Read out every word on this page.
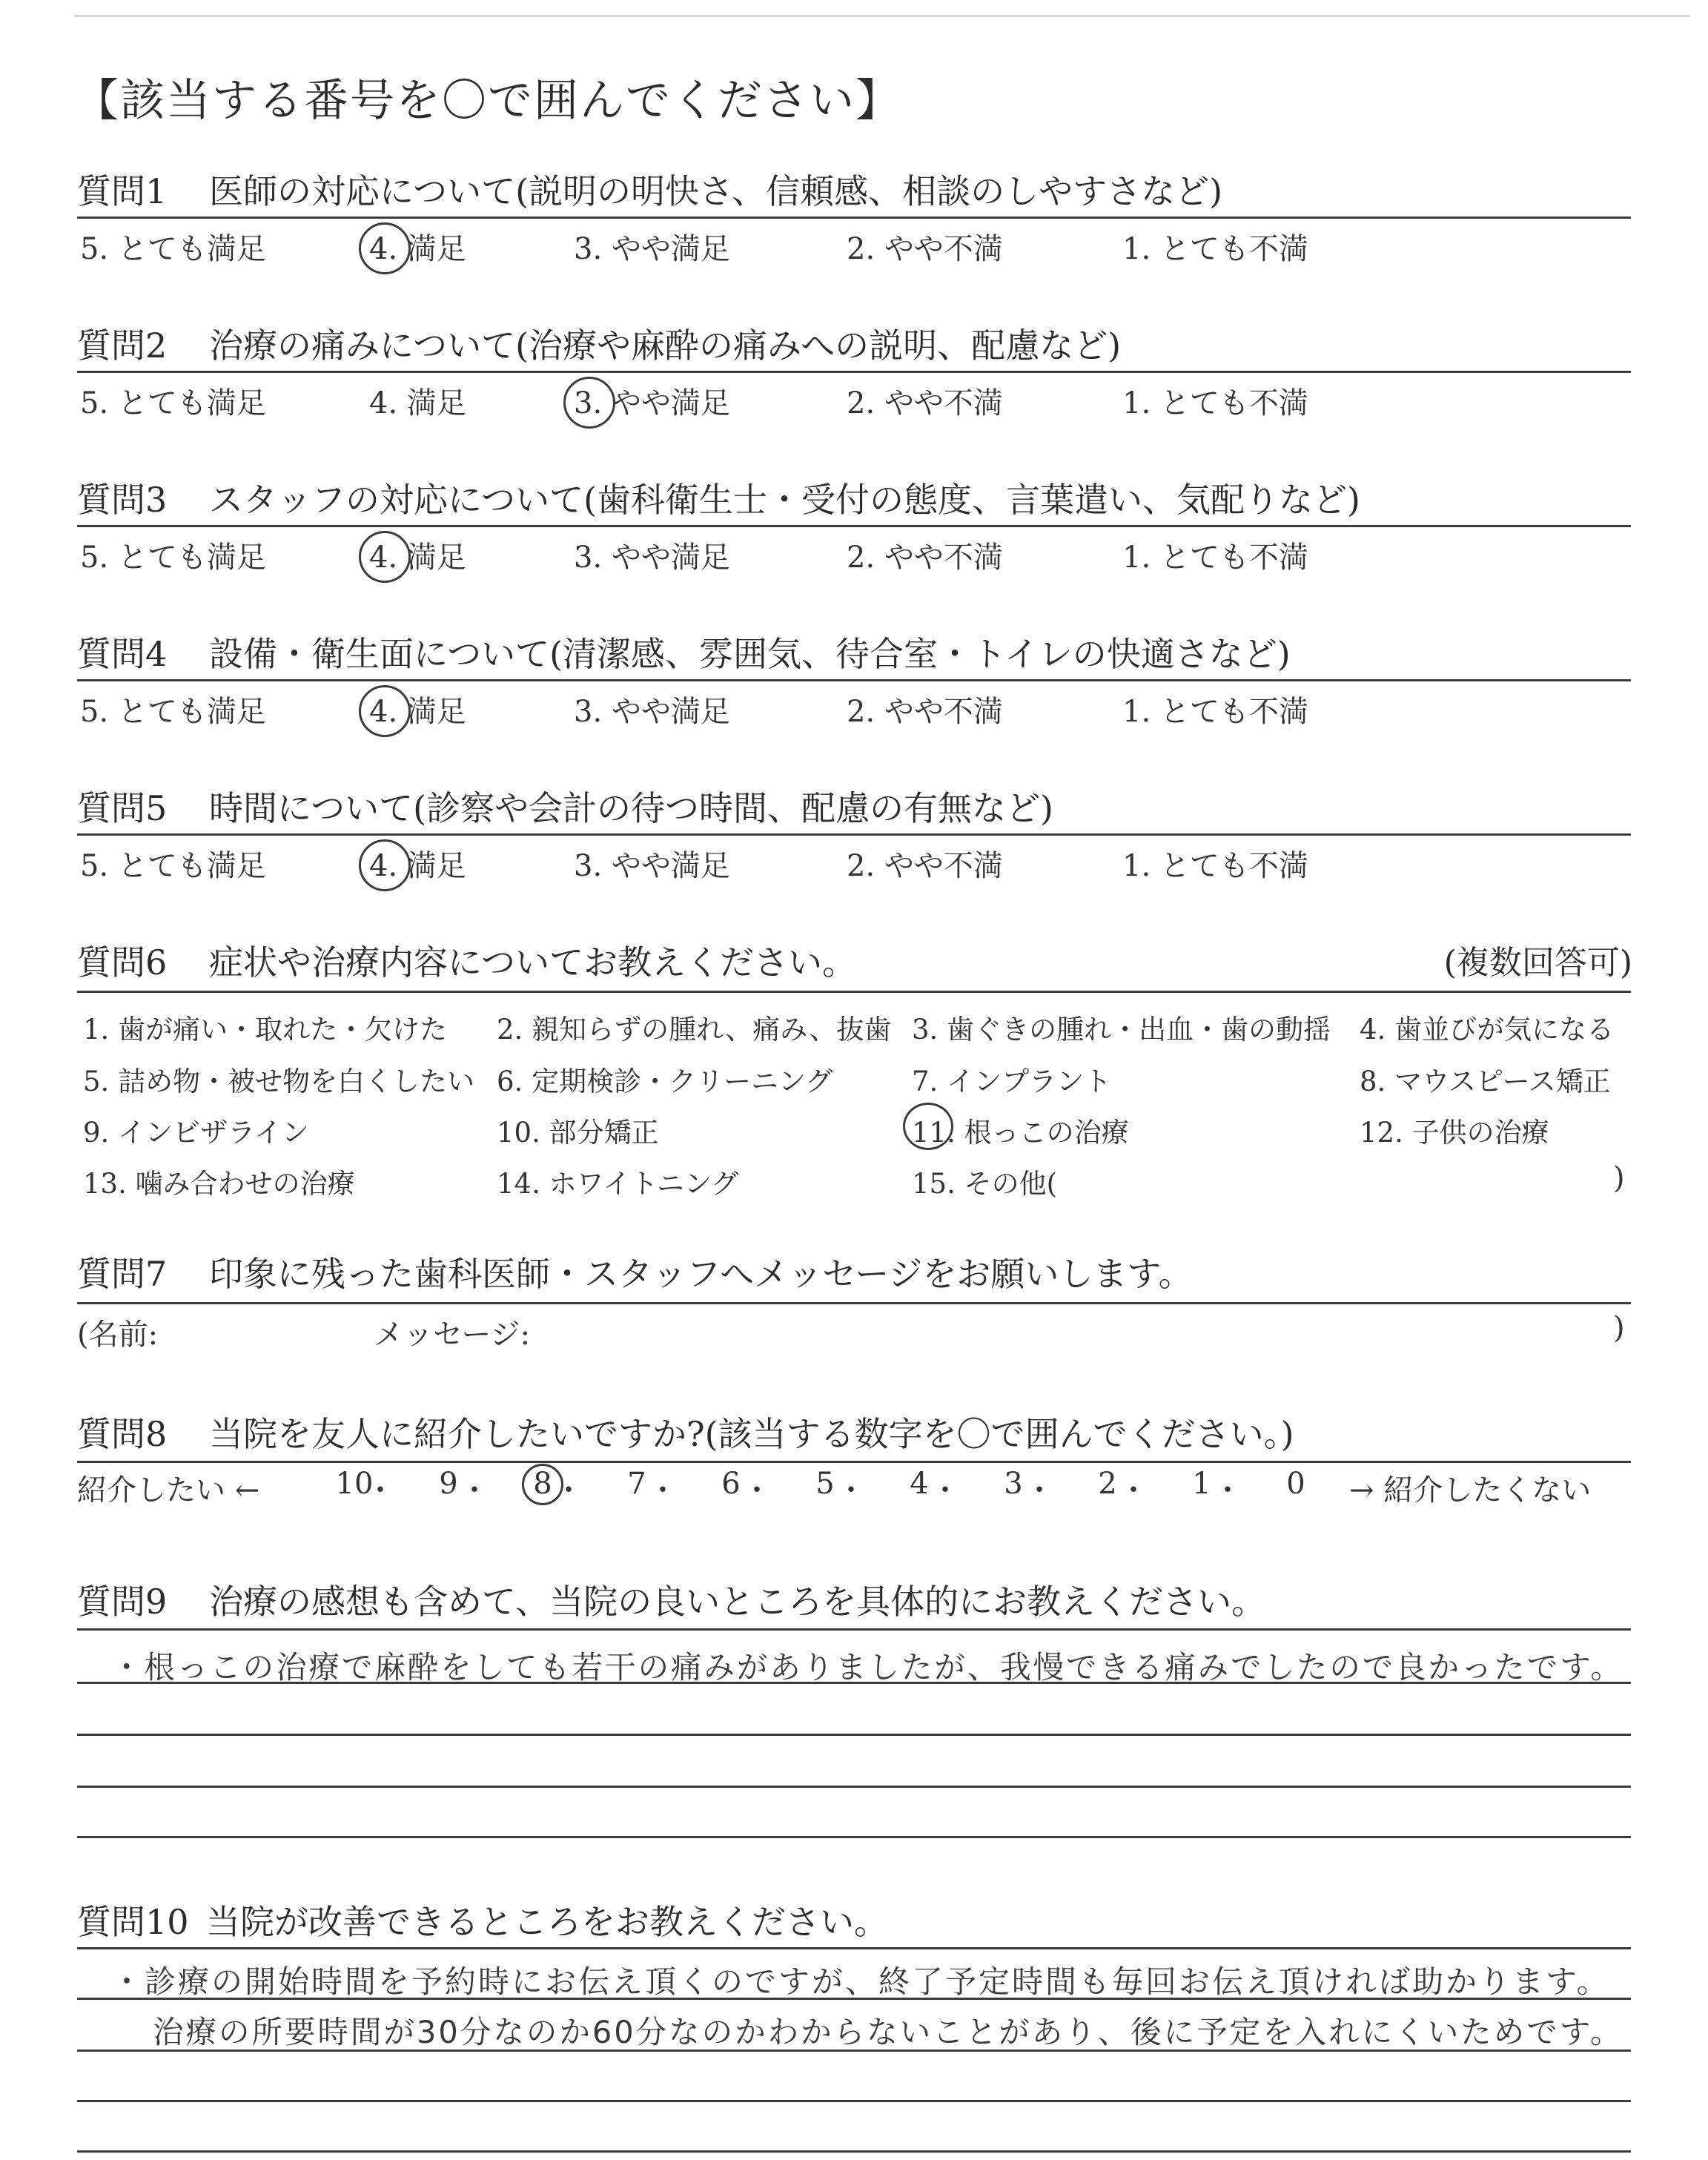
【該当する番号を〇で囲んでください】
質問1 医師の対応について(説明の明快さ、信頼感、相談のしやすさなど)
5. とても満足	4. 満足	3. やや満足	2. やや不満	1. とても不満
質問2 治療の痛みについて(治療や麻酔の痛みへの説明、配慮など)
5. とても満足	4. 満足	3. やや満足	2. やや不満	1. とても不満
質問3 スタッフの対応について(歯科衛生士・受付の態度、言葉遣い、気配りなど)
5. とても満足	4. 満足	3. やや満足	2. やや不満	1. とても不満
質問4 設備・衛生面について(清潔感、雰囲気、待合室・トイレの快適さなど)
5. とても満足	4. 満足	3. やや満足	2. やや不満	1. とても不満
質問5 時間について(診察や会計の待つ時間、配慮の有無など)
5. とても満足	4. 満足	3. やや満足	2. やや不満	1. とても不満
質問6 症状や治療内容についてお教えください。	(複数回答可)
1. 歯が痛い・取れた・欠けた 2. 親知らずの腫れ、痛み、抜歯 3. 歯ぐきの腫れ・出血・歯の動揺 4. 歯並びが気になる
5. 詰め物・被せ物を白くしたい 6. 定期検診・クリーニング	7. インプラント	8. マウスピース矯正
9. インビザライン	10. 部分矯正	11. 根っこの治療	12. 子供の治療
13. 噛み合わせの治療	14. ホワイトニング	15. その他(	)
質問7 印象に残った歯科医師・スタッフへメッセージをお願いします。
(名前:	メッセージ:	)
質問8 当院を友人に紹介したいですか?(該当する数字を〇で囲んでください。)
紹介したい ←	10
・	9 ・	8 ・	7 ・	6 ・	5 ・	4 ・	3 ・	2 ・	1 ・	0	→ 紹介したくない
質問9 治療の感想も含めて、当院の良いところを具体的にお教えください。
・根っこの治療で麻酔をしても若干の痛みがありましたが、我慢できる痛みでしたので良かったです。
質問10 当院が改善できるところをお教えください。
・診療の開始時間を予約時にお伝え頂くのですが、終了予定時間も毎回お伝え頂ければ助かります。
治療の所要時間が30分なのか60分なのかわからないことがあり、後に予定を入れにくいためです。
